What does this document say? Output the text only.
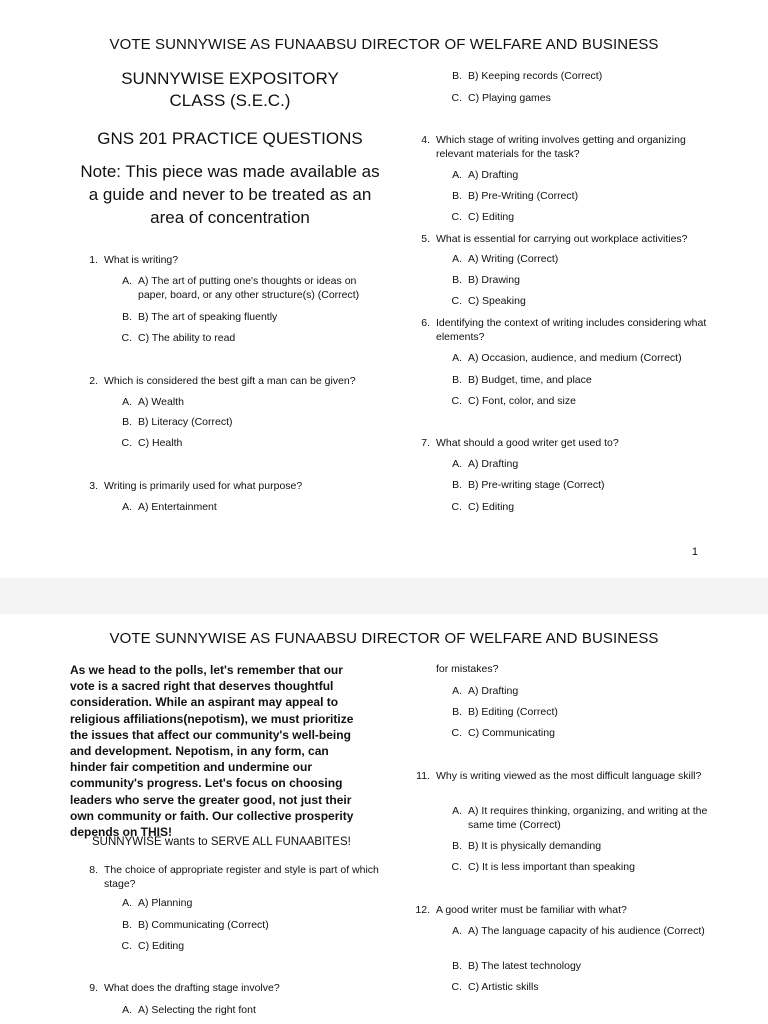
VOTE SUNNYWISE AS FUNAABSU DIRECTOR OF WELFARE AND BUSINESS
SUNNYWISE EXPOSITORY CLASS (S.E.C.)
GNS 201 PRACTICE QUESTIONS
Note: This piece was made available as a guide and never to be treated as an area of concentration
1. What is writing?
A. A) The art of putting one's thoughts or ideas on paper, board, or any other structure(s) (Correct)
B. B) The art of speaking fluently
C. C) The ability to read
2. Which is considered the best gift a man can be given?
A. A) Wealth
B. B) Literacy (Correct)
C. C) Health
3. Writing is primarily used for what purpose?
A. A) Entertainment
B. B) Keeping records (Correct)
C. C) Playing games
4. Which stage of writing involves getting and organizing relevant materials for the task?
A. A) Drafting
B. B) Pre-Writing (Correct)
C. C) Editing
5. What is essential for carrying out workplace activities?
A. A) Writing (Correct)
B. B) Drawing
C. C) Speaking
6. Identifying the context of writing includes considering what elements?
A. A) Occasion, audience, and medium (Correct)
B. B) Budget, time, and place
C. C) Font, color, and size
7. What should a good writer get used to?
A. A) Drafting
B. B) Pre-writing stage (Correct)
C. C) Editing
1
VOTE SUNNYWISE AS FUNAABSU DIRECTOR OF WELFARE AND BUSINESS
As we head to the polls, let's remember that our vote is a sacred right that deserves thoughtful consideration. While an aspirant may appeal to religious affiliations(nepotism), we must prioritize the issues that affect our community's well-being and development. Nepotism, in any form, can hinder fair competition and undermine our community's progress. Let's focus on choosing leaders who serve the greater good, not just their own community or faith. Our collective prosperity depends on THIS!
SUNNYWISE wants to SERVE ALL FUNAABITES!
8. The choice of appropriate register and style is part of which stage?
A. A) Planning
B. B) Communicating (Correct)
C. C) Editing
9. What does the drafting stage involve?
A. A) Selecting the right font
for mistakes?
A. A) Drafting
B. B) Editing (Correct)
C. C) Communicating
11. Why is writing viewed as the most difficult language skill?
A. A) It requires thinking, organizing, and writing at the same time (Correct)
B. B) It is physically demanding
C. C) It is less important than speaking
12. A good writer must be familiar with what?
A. A) The language capacity of his audience (Correct)
B. B) The latest technology
C. C) Artistic skills
